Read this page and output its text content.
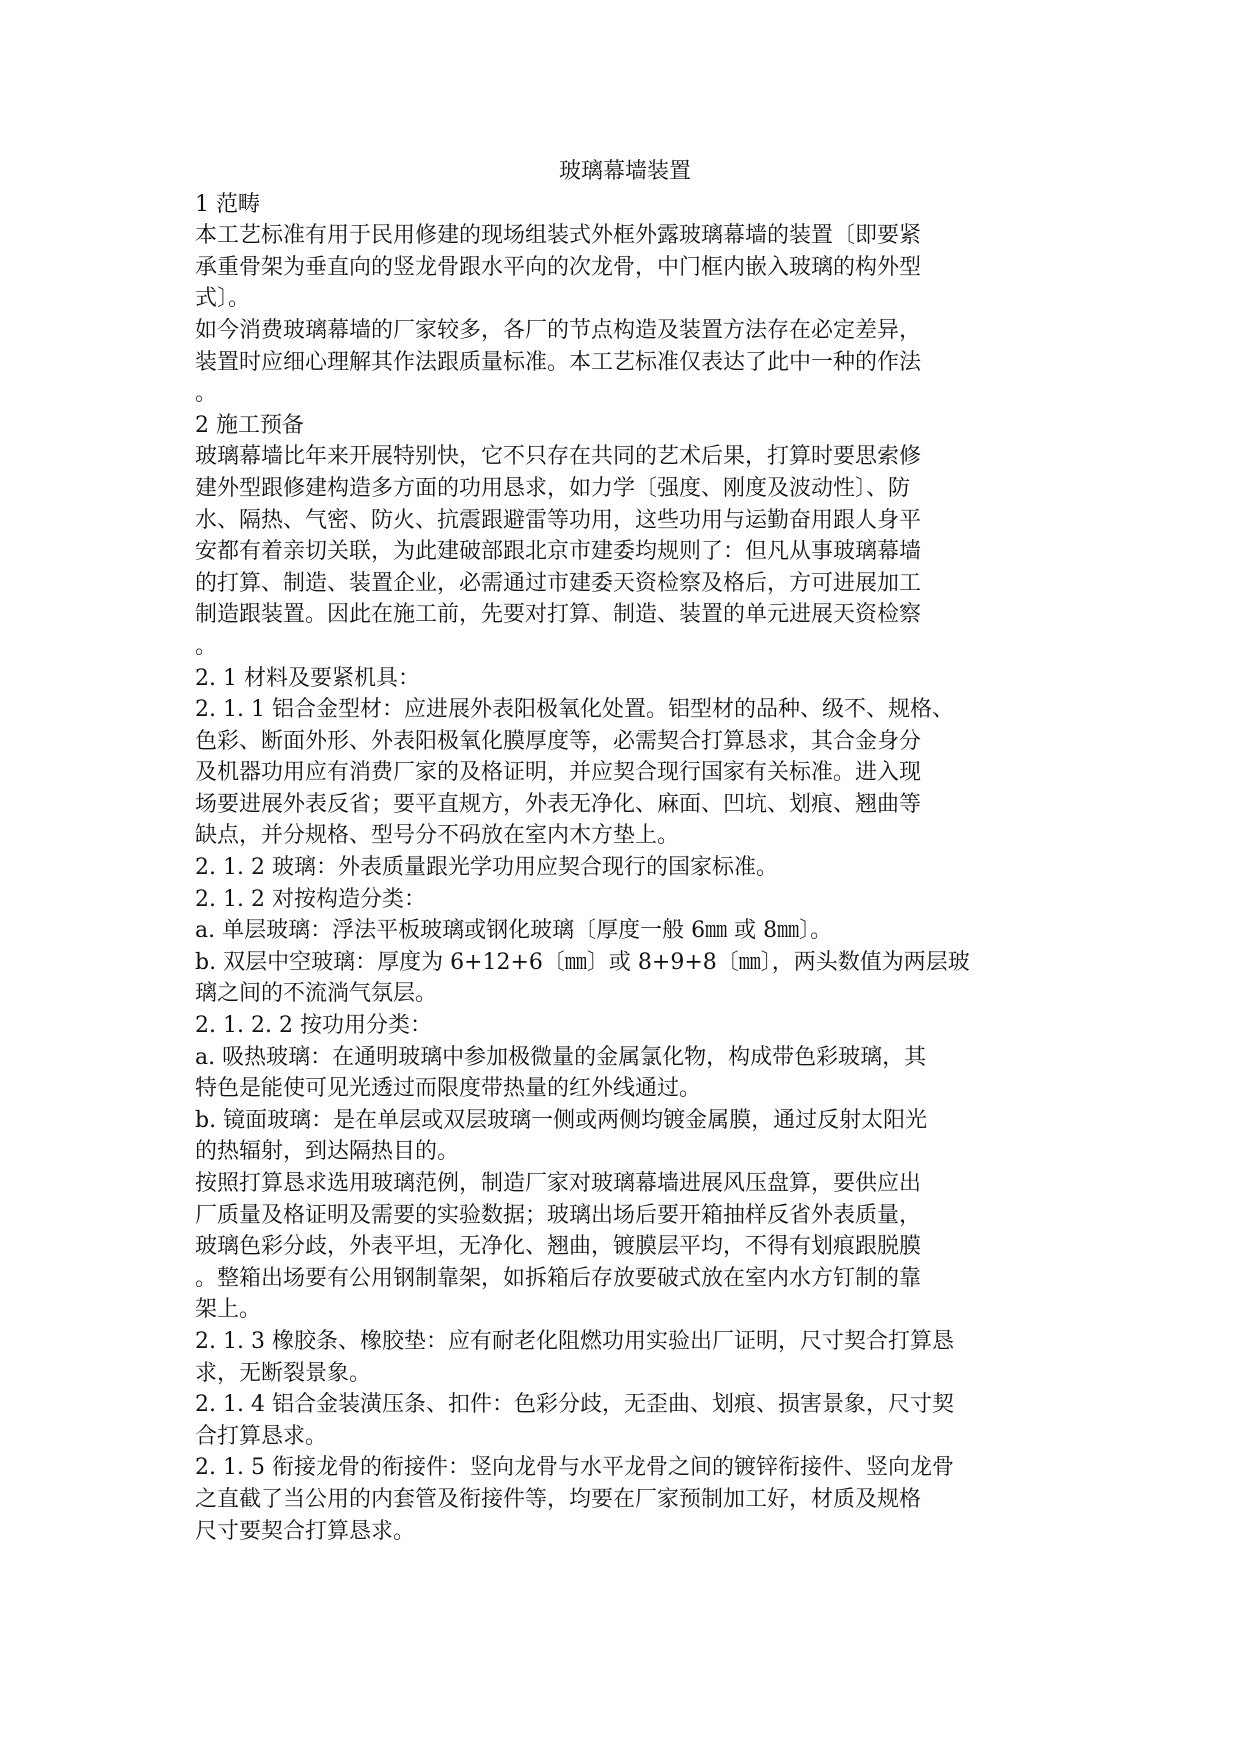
玻璃幕墙装置
1 范畴
本工艺标准有用于民用修建的现场组装式外框外露玻璃幕墙的装置〔即要紧
承重骨架为垂直向的竖龙骨跟水平向的次龙骨，中门框内嵌入玻璃的构外型
式〕。
如今消费玻璃幕墙的厂家较多，各厂的节点构造及装置方法存在必定差异，
装置时应细心理解其作法跟质量标准。本工艺标准仅表达了此中一种的作法
。
2 施工预备
玻璃幕墙比年来开展特别快，它不只存在共同的艺术后果，打算时要思索修
建外型跟修建构造多方面的功用恳求，如力学〔强度、刚度及波动性〕、防
水、隔热、气密、防火、抗震跟避雷等功用，这些功用与运勤奋用跟人身平
安都有着亲切关联，为此建破部跟北京市建委均规则了：但凡从事玻璃幕墙
的打算、制造、装置企业，必需通过市建委天资检察及格后，方可进展加工
制造跟装置。因此在施工前，先要对打算、制造、装置的单元进展天资检察
。
2. 1 材料及要紧机具：
2. 1. 1 铝合金型材：应进展外表阳极氧化处置。铝型材的品种、级不、规格、
色彩、断面外形、外表阳极氧化膜厚度等，必需契合打算恳求，其合金身分
及机器功用应有消费厂家的及格证明，并应契合现行国家有关标准。进入现
场要进展外表反省；要平直规方，外表无净化、麻面、凹坑、划痕、翘曲等
缺点，并分规格、型号分不码放在室内木方垫上。
2. 1. 2 玻璃：外表质量跟光学功用应契合现行的国家标准。
2. 1. 2 对按构造分类：
a. 单层玻璃：浮法平板玻璃或钢化玻璃〔厚度一般 6㎜ 或 8㎜〕。
b. 双层中空玻璃：厚度为 6+12+6〔㎜〕或 8+9+8〔㎜〕，两头数值为两层玻
璃之间的不流淌气氛层。
2. 1. 2. 2 按功用分类：
a. 吸热玻璃：在通明玻璃中参加极微量的金属氯化物，构成带色彩玻璃，其
特色是能使可见光透过而限度带热量的红外线通过。
b. 镜面玻璃：是在单层或双层玻璃一侧或两侧均镀金属膜，通过反射太阳光
的热辐射，到达隔热目的。
按照打算恳求选用玻璃范例，制造厂家对玻璃幕墙进展风压盘算，要供应出
厂质量及格证明及需要的实验数据；玻璃出场后要开箱抽样反省外表质量，
玻璃色彩分歧，外表平坦，无净化、翘曲，镀膜层平均，不得有划痕跟脱膜
。整箱出场要有公用钢制靠架，如拆箱后存放要破式放在室内水方钉制的靠
架上。
2. 1. 3 橡胶条、橡胶垫：应有耐老化阻燃功用实验出厂证明，尺寸契合打算恳
求，无断裂景象。
2. 1. 4 铝合金装潢压条、扣件：色彩分歧，无歪曲、划痕、损害景象，尺寸契
合打算恳求。
2. 1. 5 衔接龙骨的衔接件：竖向龙骨与水平龙骨之间的镀锌衔接件、竖向龙骨
之直截了当公用的内套管及衔接件等，均要在厂家预制加工好，材质及规格
尺寸要契合打算恳求。
